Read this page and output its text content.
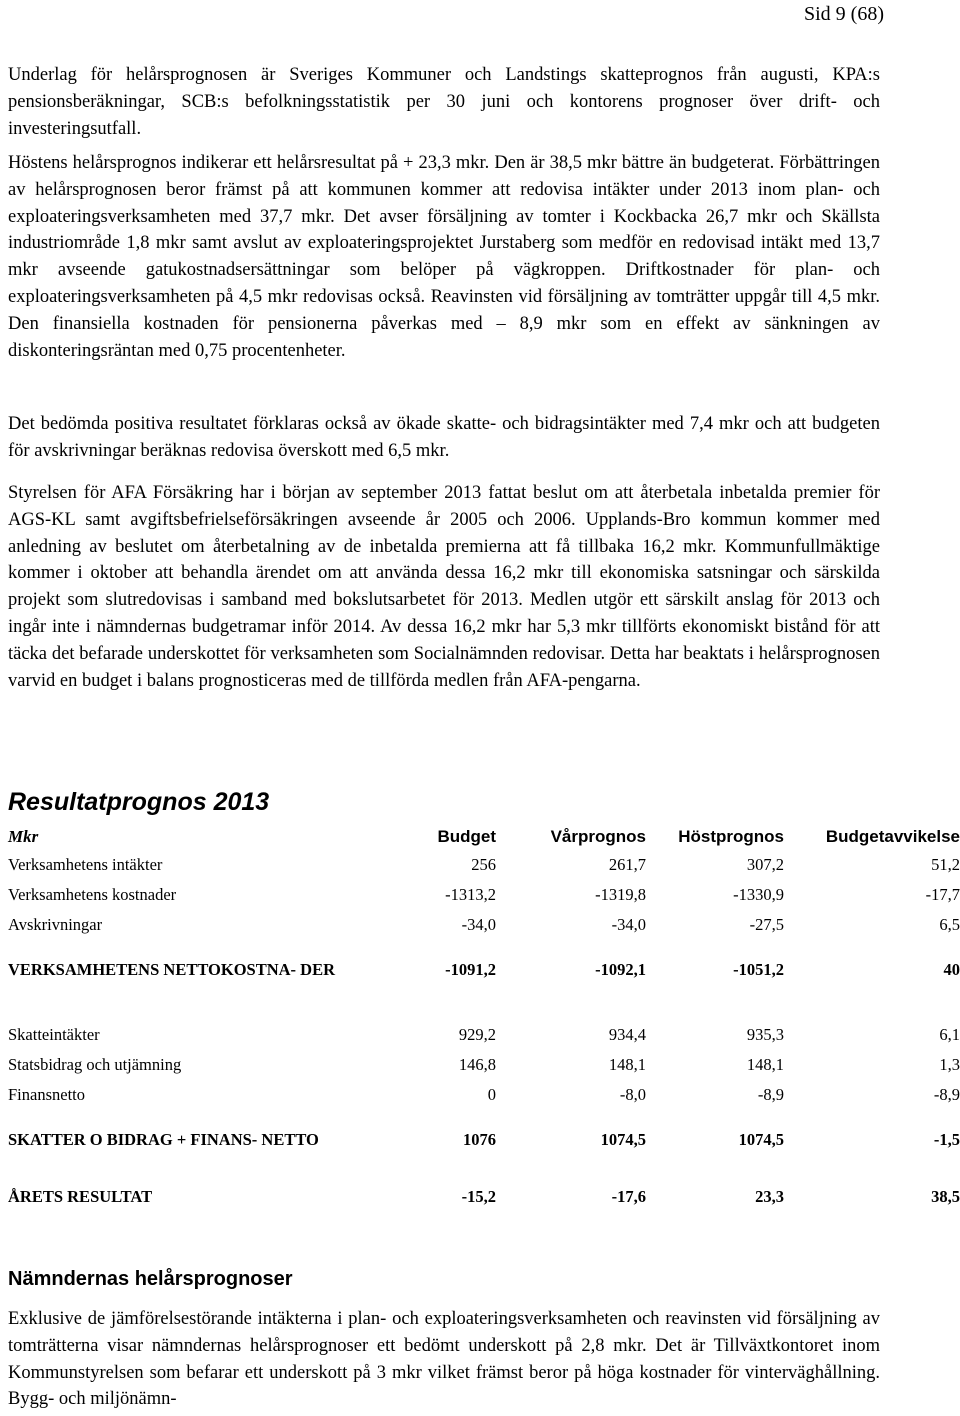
Sid 9 (68)

Underlag för helårsprognosen är Sveriges Kommuner och Landstings skatteprognos från augusti, KPA:s pensionsberäkningar, SCB:s befolkningsstatistik per 30 juni och kontorens prognoser över drift- och investeringsutfall.

Höstens helårsprognos indikerar ett helårsresultat på + 23,3 mkr. Den är 38,5 mkr bättre än budgeterat. Förbättringen av helårsprognosen beror främst på att kommunen kommer att redovisa intäkter under 2013 inom plan- och exploateringsverksamheten med 37,7 mkr. Det avser försäljning av tomter i Kockbacka 26,7 mkr och Skällsta industriområde 1,8 mkr samt avslut av exploateringsprojektet Jurstaberg som medför en redovisad intäkt med 13,7 mkr avseende gatukostnadsersättningar som belöper på vägkroppen. Driftkostnader för plan- och exploateringsverksamheten på 4,5 mkr redovisas också. Reavinsten vid försäljning av tomträtter uppgår till 4,5 mkr. Den finansiella kostnaden för pensionerna påverkas med – 8,9 mkr som en effekt av sänkningen av diskonteringsräntan med 0,75 procentenheter.

Det bedömda positiva resultatet förklaras också av ökade skatte- och bidragsintäkter med 7,4 mkr och att budgeten för avskrivningar beräknas redovisa överskott med 6,5 mkr.

Styrelsen för AFA Försäkring har i början av september 2013 fattat beslut om att återbetala inbetalda premier för AGS-KL samt avgiftsbefrielseförsäkringen avseende år 2005 och 2006. Upplands-Bro kommun kommer med anledning av beslutet om återbetalning av de inbetalda premierna att få tillbaka 16,2 mkr. Kommunfullmäktige kommer i oktober att behandla ärendet om att använda dessa 16,2 mkr till ekonomiska satsningar och särskilda projekt som slutredovisas i samband med bokslutsarbetet för 2013. Medlen utgör ett särskilt anslag för 2013 och ingår inte i nämndernas budgetramar inför 2014. Av dessa 16,2 mkr har 5,3 mkr tillförts ekonomiskt bistånd för att täcka det befarade underskottet för verksamheten som Socialnämnden redovisar. Detta har beaktats i helårsprognosen varvid en budget i balans prognosticeras med de tillförda medlen från AFA-pengarna.

Resultatprognos 2013
Mkr	Budget	Vårprognos	Höstprognos	Budgetavvikelse
Verksamhetens intäkter	256	261,7	307,2	51,2
Verksamhetens kostnader	-1313,2	-1319,8	-1330,9	-17,7
Avskrivningar	-34,0	-34,0	-27,5	6,5
VERKSAMHETENS NETTOKOSTNA- DER	-1091,2	-1092,1	-1051,2	40

Skatteintäkter	929,2	934,4	935,3	6,1
Statsbidrag och utjämning	146,8	148,1	148,1	1,3
Finansnetto	0	-8,0	-8,9	-8,9
SKATTER O BIDRAG + FINANS- NETTO	1076	1074,5	1074,5	-1,5

ÅRETS RESULTAT	-15,2	-17,6	23,3	38,5
Nämndernas helårsprognoser

Exklusive de jämförelsestörande intäkterna i plan- och exploateringsverksamheten och reavinsten vid försäljning av tomträtterna visar nämndernas helårsprognoser ett bedömt underskott på 2,8 mkr. Det är Tillväxtkontoret inom Kommunstyrelsen som befarar ett underskott på 3 mkr vilket främst beror på höga kostnader för vinterväghållning. Bygg- och miljönämn-
